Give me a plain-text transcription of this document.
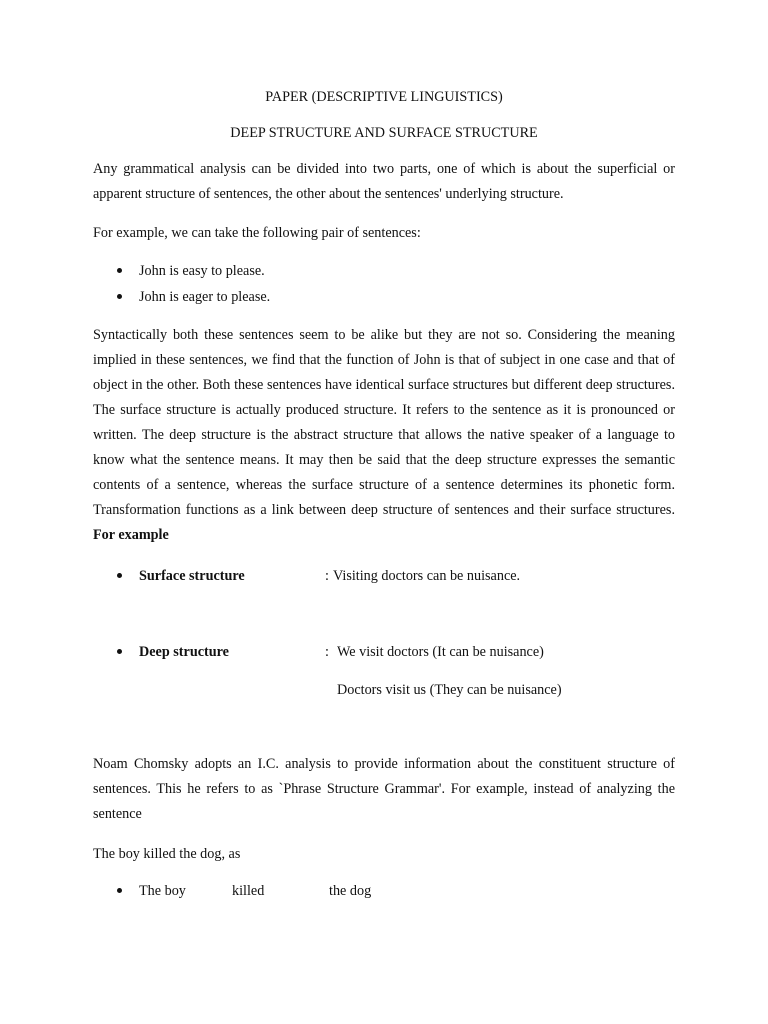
PAPER (DESCRIPTIVE LINGUISTICS)
DEEP STRUCTURE AND SURFACE STRUCTURE

Any grammatical analysis can be divided into two parts, one of which is about the superficial or apparent structure of sentences, the other about the sentences' underlying structure.

For example, we can take the following pair of sentences:

John is easy to please.
John is eager to please.

Syntactically both these sentences seem to be alike but they are not so. Considering the meaning implied in these sentences, we find that the function of John is that of subject in one case and that of object in the other. Both these sentences have identical surface structures but different deep structures. The surface structure is actually produced structure. It refers to the sentence as it is pronounced or written. The deep structure is the abstract structure that allows the native speaker of a language to know what the sentence means. It may then be said that the deep structure expresses the semantic contents of a sentence, whereas the surface structure of a sentence determines its phonetic form. Transformation functions as a link between deep structure of sentences and their surface structures. For example

Surface structure	: Visiting doctors can be nuisance.
Deep structure	: We visit doctors (It can be nuisance)
Doctors visit us (They can be nuisance)

Noam Chomsky adopts an I.C. analysis to provide information about the constituent structure of sentences. This he refers to as `Phrase Structure Grammar'. For example, instead of analyzing the sentence

The boy killed the dog, as
The boy	killed	the dog
